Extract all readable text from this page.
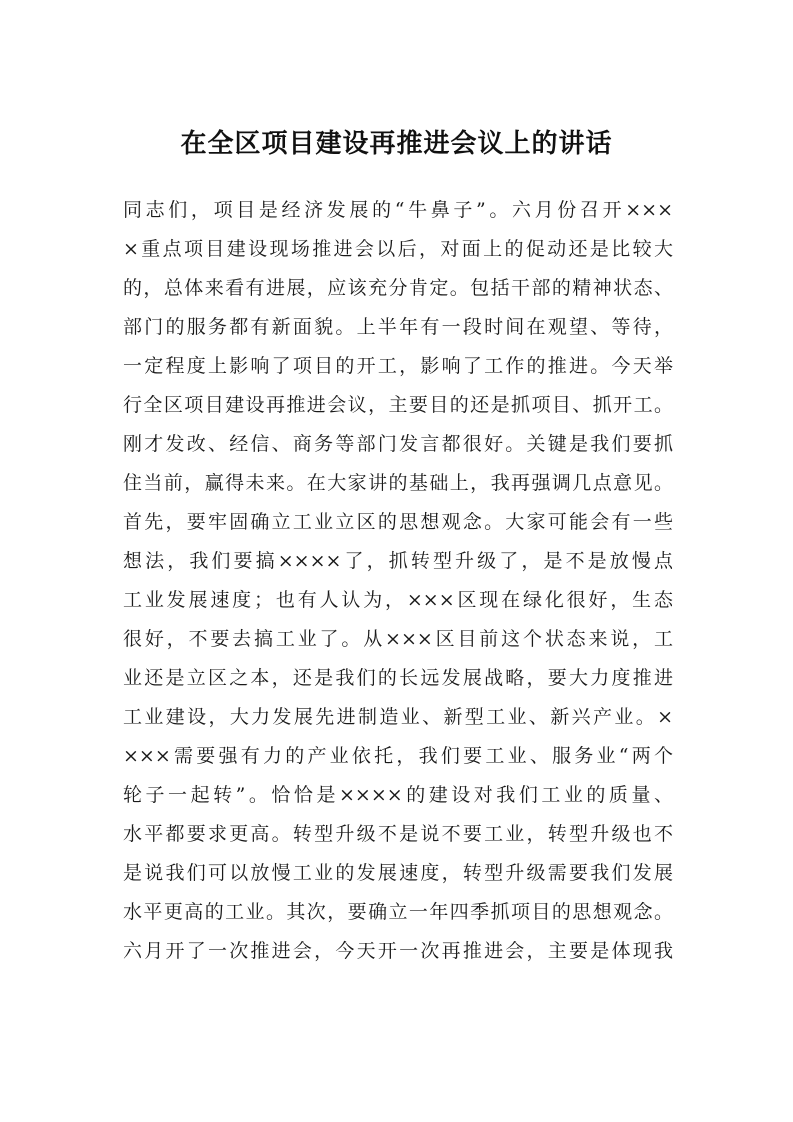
在全区项目建设再推进会议上的讲话
同志们，项目是经济发展的“牛鼻子”。六月份召开×××
×重点项目建设现场推进会以后，对面上的促动还是比较大
的，总体来看有进展，应该充分肯定。包括干部的精神状态、
部门的服务都有新面貌。上半年有一段时间在观望、等待，
一定程度上影响了项目的开工，影响了工作的推进。今天举
行全区项目建设再推进会议，主要目的还是抓项目、抓开工。
刚才发改、经信、商务等部门发言都很好。关键是我们要抓
住当前，赢得未来。在大家讲的基础上，我再强调几点意见。
首先，要牢固确立工业立区的思想观念。大家可能会有一些
想法，我们要搞××××了，抓转型升级了，是不是放慢点
工业发展速度；也有人认为，×××区现在绿化很好，生态
很好，不要去搞工业了。从×××区目前这个状态来说，工
业还是立区之本，还是我们的长远发展战略，要大力度推进
工业建设，大力发展先进制造业、新型工业、新兴产业。×
×××需要强有力的产业依托，我们要工业、服务业“两个
轮子一起转”。恰恰是××××的建设对我们工业的质量、
水平都要求更高。转型升级不是说不要工业，转型升级也不
是说我们可以放慢工业的发展速度，转型升级需要我们发展
水平更高的工业。其次，要确立一年四季抓项目的思想观念。
六月开了一次推进会，今天开一次再推进会，主要是体现我
